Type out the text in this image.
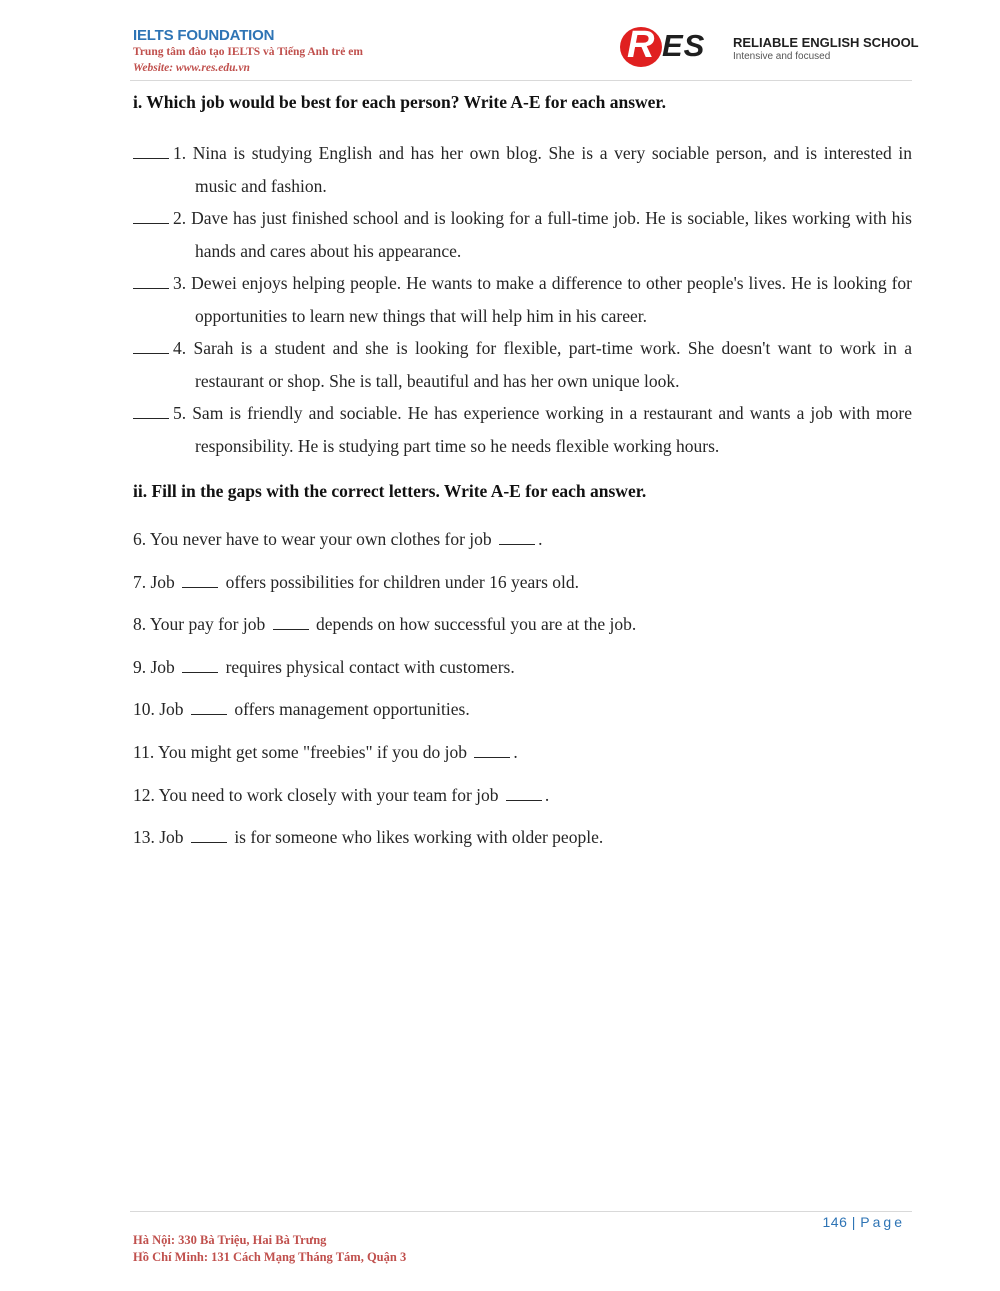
IELTS FOUNDATION
Trung tâm đào tạo IELTS và Tiếng Anh trẻ em
Website: www.res.edu.vn
R ES RELIABLE ENGLISH SCHOOL
Intensive and focused
i. Which job would be best for each person? Write A-E for each answer.
1. Nina is studying English and has her own blog. She is a very sociable person, and is interested in music and fashion.
2. Dave has just finished school and is looking for a full-time job. He is sociable, likes working with his hands and cares about his appearance.
3. Dewei enjoys helping people. He wants to make a difference to other people's lives. He is looking for opportunities to learn new things that will help him in his career.
4. Sarah is a student and she is looking for flexible, part-time work. She doesn't want to work in a restaurant or shop. She is tall, beautiful and has her own unique look.
5. Sam is friendly and sociable. He has experience working in a restaurant and wants a job with more responsibility. He is studying part time so he needs flexible working hours.
ii. Fill in the gaps with the correct letters. Write A-E for each answer.
6. You never have to wear your own clothes for job	.
7. Job	offers possibilities for children under 16 years old.
8. Your pay for job	depends on how successful you are at the job.
9. Job	requires physical contact with customers.
10. Job	offers management opportunities.
11. You might get some "freebies" if you do job	.
12. You need to work closely with your team for job	.
13. Job	is for someone who likes working with older people.
146 | Page
Hà Nội: 330 Bà Triệu, Hai Bà Trưng
Hồ Chí Minh: 131 Cách Mạng Tháng Tám, Quận 3
